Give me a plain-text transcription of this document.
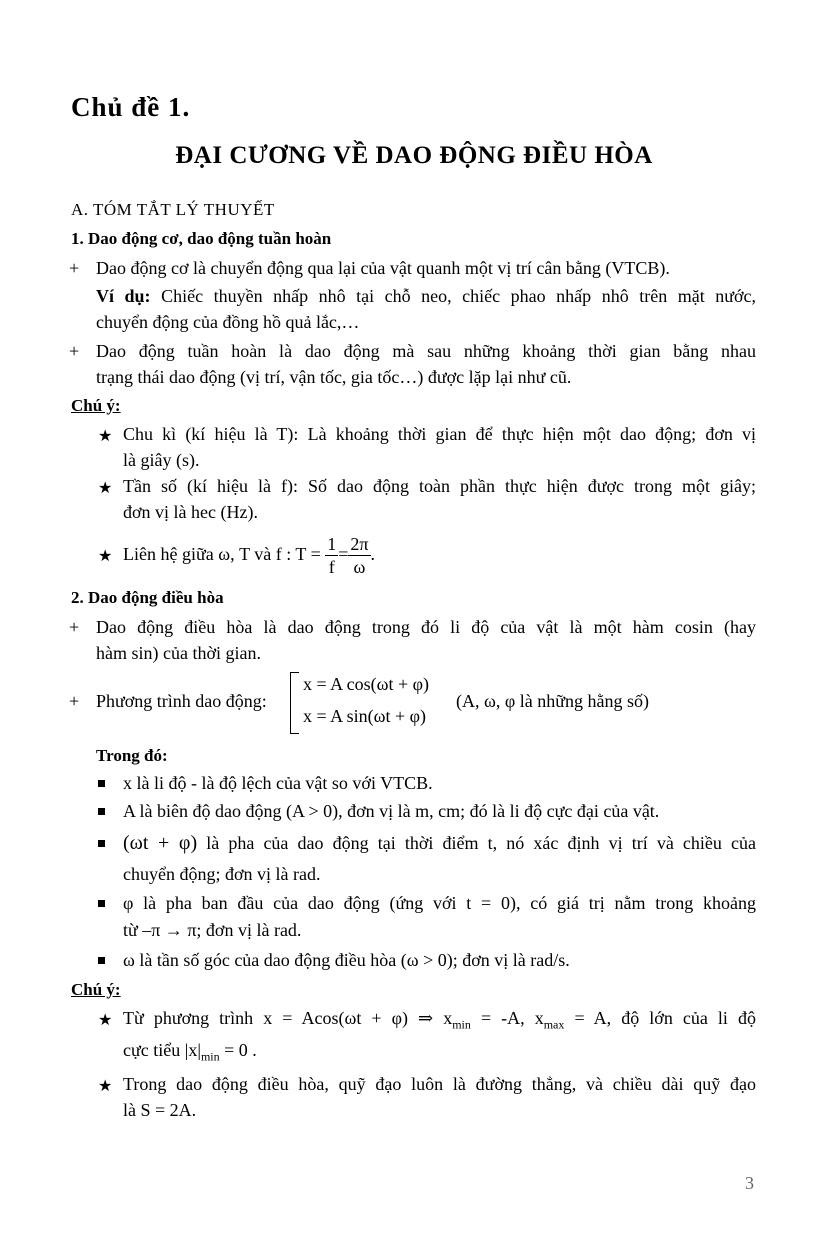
Chủ đề 1.
ĐẠI CƯƠNG VỀ DAO ĐỘNG ĐIỀU HÒA
A. TÓM TẮT LÝ THUYẾT
1. Dao động cơ, dao động tuần hoàn
+ Dao động cơ là chuyển động qua lại của vật quanh một vị trí cân bằng (VTCB).
Ví dụ: Chiếc thuyền nhấp nhô tại chỗ neo, chiếc phao nhấp nhô trên mặt nước,
chuyển động của đồng hồ quả lắc,…
+ Dao động tuần hoàn là dao động mà sau những khoảng thời gian bằng nhau
trạng thái dao động (vị trí, vận tốc, gia tốc…) được lặp lại như cũ.
Chú ý:
★ Chu kì (kí hiệu là T): Là khoảng thời gian để thực hiện một dao động; đơn vị
là giây (s).
★ Tần số (kí hiệu là f): Số dao động toàn phần thực hiện được trong một giây;
đơn vị là hec (Hz).
★ Liên hệ giữa ω, T và f : $T = \frac{1}{f} = \frac{2\pi}{\omega}$ .
2. Dao động điều hòa
+ Dao động điều hòa là dao động trong đó li độ của vật là một hàm cosin (hay
hàm sin) của thời gian.
+ Phương trình dao động:
x = A cos(ωt + φ)
x = A sin(ωt + φ)
(A, ω, φ là những hằng số)
Trong đó:
x là li độ - là độ lệch của vật so với VTCB.
A là biên độ dao động (A > 0), đơn vị là m, cm; đó là li độ cực đại của vật.
(ωt + φ) là pha của dao động tại thời điểm t, nó xác định vị trí và chiều của
chuyển động; đơn vị là rad.
φ là pha ban đầu của dao động (ứng với t = 0), có giá trị nằm trong khoảng
từ –π → π; đơn vị là rad.
ω là tần số góc của dao động điều hòa (ω > 0); đơn vị là rad/s.
Chú ý:
★ Từ phương trình x = Acos(ωt + φ) ⇒ $x_{min} = -A$, $x_{max} = A$, độ lớn của li độ
cực tiểu $|x|_{min} = 0$ .
★ Trong dao động điều hòa, quỹ đạo luôn là đường thẳng, và chiều dài quỹ đạo
là S = 2A.
3
